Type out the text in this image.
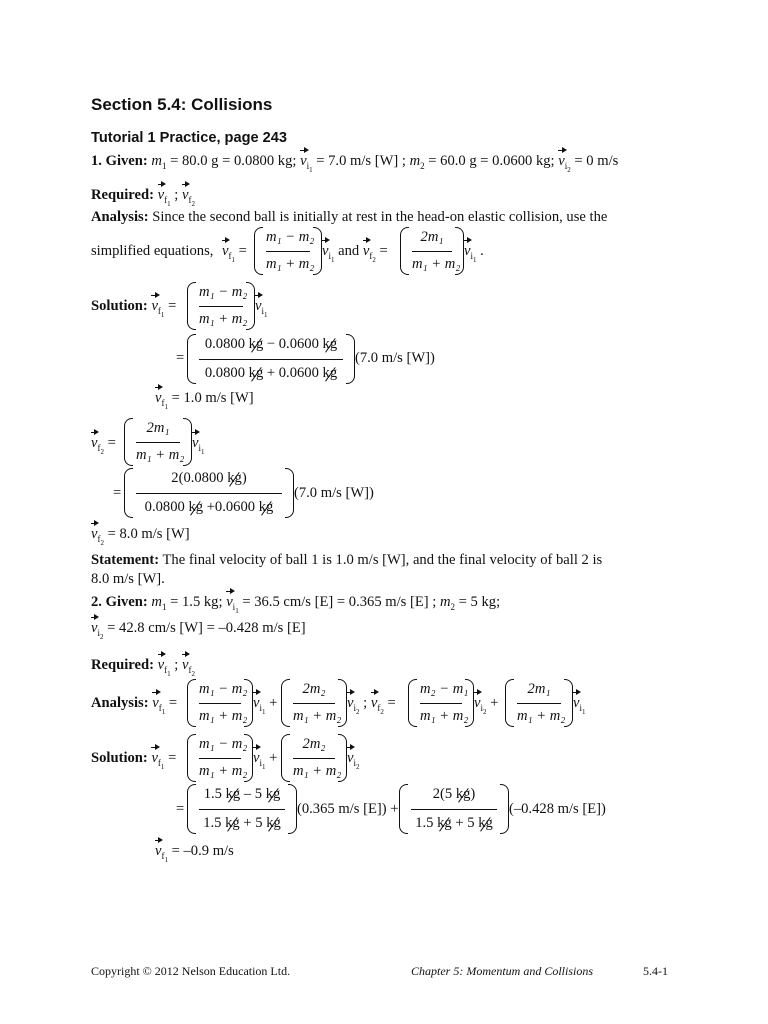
Section 5.4: Collisions
Tutorial 1 Practice, page 243
1. Given: $m_1 = 80.0$ g = 0.0800 kg; $v_{i_1} = 7.0$ m/s [W] ; $m_2 = 60.0$ g = 0.0600 kg; $v_{i_2} = 0$ m/s
Required: $v_{f_1}$ ; $v_{f_2}$
Analysis: Since the second ball is initially at rest in the head-on elastic collision, use the
simplified equations, $v_{f_1}$ =
m₁ − m₂
m₁ + m₂
$v_{i_1}$ and $v_{f_2}$ =
2m₁
m₁ + m₂
$v_{i_1}$ .
Solution: $v_{f_1}$ =
m₁ − m₂
m₁ + m₂
$v_{i_1}$
=
0.0800 kg − 0.0600 kg
0.0800 kg + 0.0600 kg
(7.0 m/s [W])
$v_{f_1} = 1.0$ m/s [W]
$v_{f_2}$ =
2m₁
m₁ + m₂
$v_{i_1}$
=
2(0.0800 kg)
0.0800 kg +0.0600 kg
(7.0 m/s [W])
$v_{f_2} = 8.0$ m/s [W]
Statement: The final velocity of ball 1 is 1.0 m/s [W], and the final velocity of ball 2 is
8.0 m/s [W].
2. Given: $m_1 = 1.5$ kg; $v_{i_1} = 36.5$ cm/s [E] = 0.365 m/s [E] ; $m_2 = 5$ kg;
$v_{i_2} = 42.8$ cm/s [W] = –0.428 m/s [E]
Required: $v_{f_1}$ ; $v_{f_2}$
Analysis: $v_{f_1}$ =
m₁ − m₂
m₁ + m₂
$v_{i_1}$ +
2m₂
m₁ + m₂
$v_{i_2}$ ; $v_{f_2}$ =
m₂ − m₁
m₁ + m₂
$v_{i_2}$ +
2m₁
m₁ + m₂
$v_{i_1}$
Solution: $v_{f_1}$ =
m₁ − m₂
m₁ + m₂
$v_{i_1}$ +
2m₂
m₁ + m₂
$v_{i_2}$
=
1.5 kg – 5 kg
1.5 kg + 5 kg
(0.365 m/s [E]) +
2(5 kg)
1.5 kg + 5 kg
(–0.428 m/s [E])
$v_{f_1} = -0.9$ m/s
Copyright © 2012 Nelson Education Ltd.	Chapter 5: Momentum and Collisions	5.4-1
